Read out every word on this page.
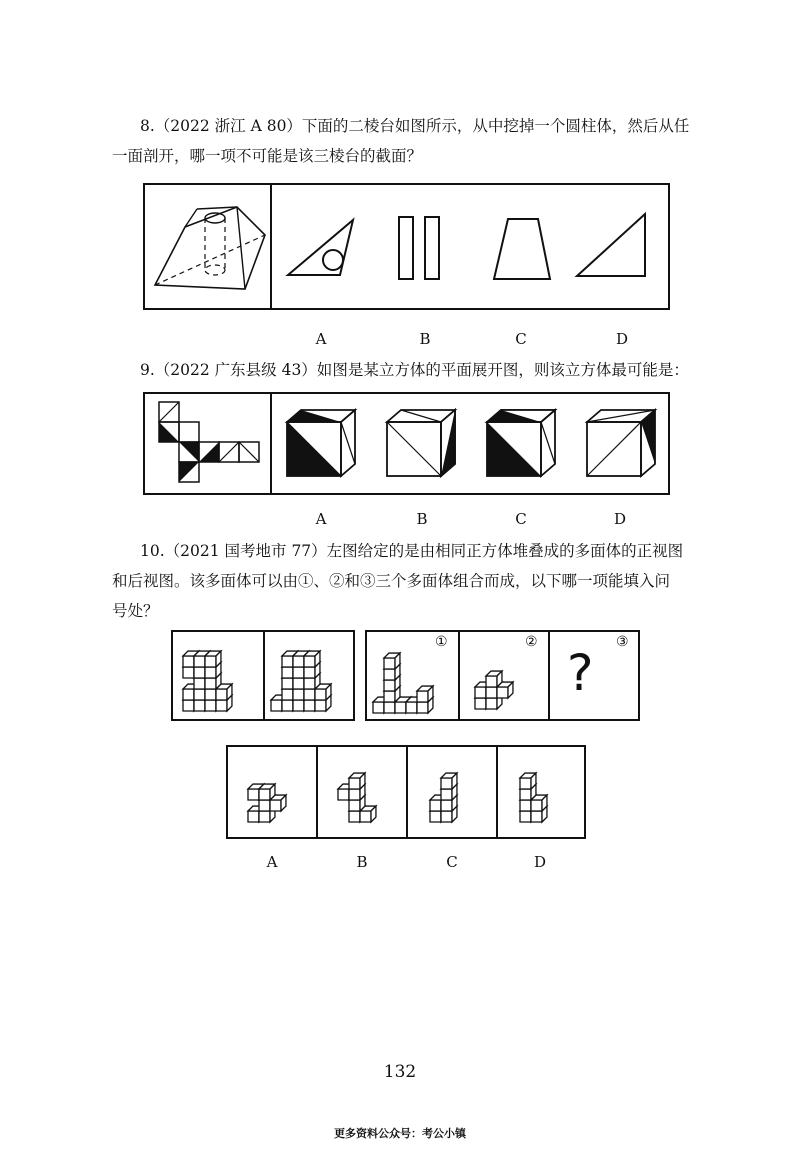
8.（2022 浙江 A 80）下面的二棱台如图所示，从中挖掉一个圆柱体，然后从任
一面剖开，哪一项不可能是该三棱台的截面？
A	B	C	D
9.（2022 广东县级 43）如图是某立方体的平面展开图，则该立方体最可能是：
A	B	C	D
10.（2021 国考地市 77）左图给定的是由相同正方体堆叠成的多面体的正视图
和后视图。该多面体可以由①、②和③三个多面体组合而成，以下哪一项能填入问
号处？
①	②	③
?
A	B	C	D
132
更多资料公众号：考公小镇
